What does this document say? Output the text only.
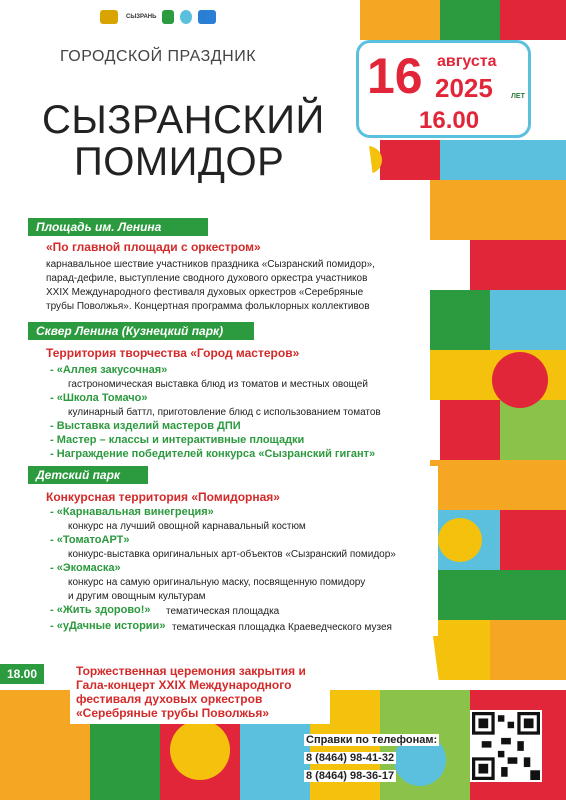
СЫЗРАНЬ
ГОРОДСКОЙ ПРАЗДНИК
СЫЗРАНСКИЙ
ПОМИДОР
16 августа
2025	ЛЕТ
16.00
Площадь им. Ленина
«По главной площади с оркестром»
карнавальное шествие участников праздника «Сызранский помидор»,
парад-дефиле, выступление сводного духового оркестра участников
XXIX Международного фестиваля духовых оркестров «Серебряные
трубы Поволжья». Концертная программа фольклорных коллективов
Сквер Ленина (Кузнецкий парк)
Территория творчества «Город мастеров»
- «Аллея закусочная»
гастрономическая выставка блюд из томатов и местных овощей
- «Школа Томачо»
кулинарный баттл, приготовление блюд с использованием томатов
- Выставка изделий мастеров ДПИ
- Мастер – классы и интерактивные площадки
- Награждение победителей конкурса «Сызранский гигант»
Детский парк
Конкурсная территория «Помидорная»
- «Карнавальная винегреция»
конкурс на лучший овощной карнавальный костюм
- «ТоматоАРТ»
конкурс-выставка оригинальных арт-объектов «Сызранский помидор»
- «Экомаска»
конкурс на самую оригинальную маску, посвященную помидору
и другим овощным культурам
- «Жить здорово!» тематическая площадка
- «уДачные истории» тематическая площадка Краеведческого музея
18.00	Торжественная церемония закрытия и
Гала-концерт XXIX Международного
фестиваля духовых оркестров
«Серебряные трубы Поволжья»
Справки по телефонам:
8 (8464) 98-41-32
8 (8464) 98-36-17
